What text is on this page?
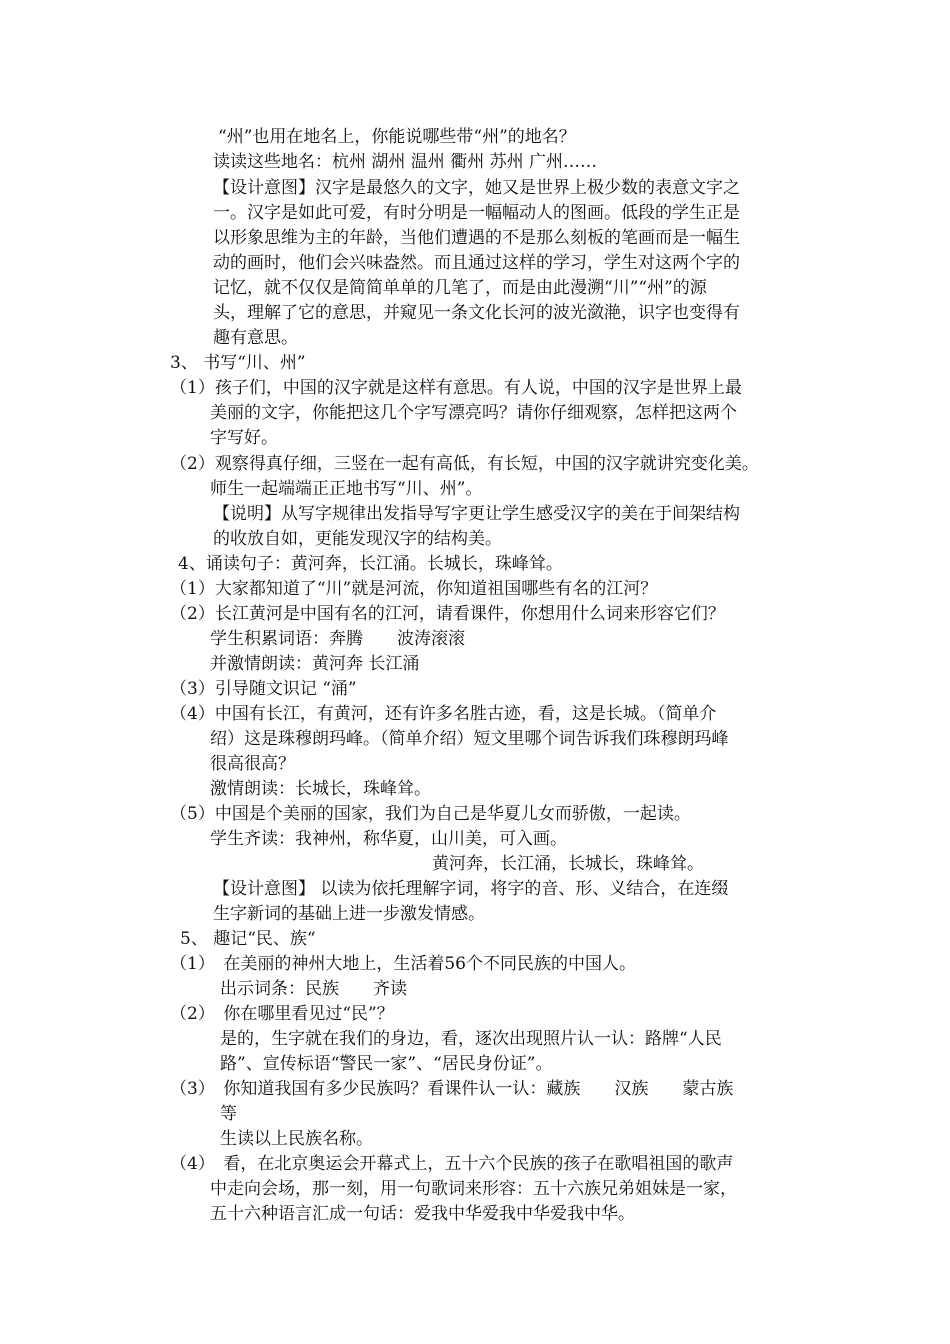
“州”也用在地名上，你能说哪些带“州”的地名？
读读这些地名：杭州 湖州 温州 衢州 苏州 广州……
【设计意图】汉字是最悠久的文字，她又是世界上极少数的表意文字之
一。汉字是如此可爱，有时分明是一幅幅动人的图画。低段的学生正是
以形象思维为主的年龄，当他们遭遇的不是那么刻板的笔画而是一幅生
动的画时，他们会兴味盎然。而且通过这样的学习，学生对这两个字的
记忆，就不仅仅是简简单单的几笔了，而是由此漫溯“川”“州”的源
头，理解了它的意思，并窥见一条文化长河的波光潋滟，识字也变得有
趣有意思。
3、 书写“川、州”
（1）孩子们，中国的汉字就是这样有意思。有人说，中国的汉字是世界上最
美丽的文字，你能把这几个字写漂亮吗？请你仔细观察，怎样把这两个
字写好。
（2）观察得真仔细，三竖在一起有高低，有长短，中国的汉字就讲究变化美。
师生一起端端正正地书写“川、州”。
【说明】从写字规律出发指导写字更让学生感受汉字的美在于间架结构
的收放自如，更能发现汉字的结构美。
4、诵读句子：黄河奔，长江涌。长城长，珠峰耸。
（1）大家都知道了“川”就是河流，你知道祖国哪些有名的江河？
（2）长江黄河是中国有名的江河，请看课件，你想用什么词来形容它们？
学生积累词语：奔腾　　波涛滚滚
并激情朗读：黄河奔 长江涌
（3）引导随文识记 “涌”
（4）中国有长江，有黄河，还有许多名胜古迹，看，这是长城。（简单介
绍）这是珠穆朗玛峰。（简单介绍）短文里哪个词告诉我们珠穆朗玛峰
很高很高？
激情朗读：长城长，珠峰耸。
（5）中国是个美丽的国家，我们为自己是华夏儿女而骄傲，一起读。
学生齐读：我神州，称华夏，山川美，可入画。
黄河奔，长江涌，长城长，珠峰耸。
【设计意图】 以读为依托理解字词，将字的音、形、义结合，在连缀
生字新词的基础上进一步激发情感。
5、 趣记“民、族“
（1）　在美丽的神州大地上，生活着56个不同民族的中国人。
出示词条：民族　　齐读
（2）　你在哪里看见过“民”？
是的，生字就在我们的身边，看，逐次出现照片认一认：路牌“人民
路”、宣传标语“警民一家”、“居民身份证”。
（3）　你知道我国有多少民族吗？看课件认一认：藏族　　汉族　　蒙古族
等
生读以上民族名称。
（4）　看，在北京奥运会开幕式上，五十六个民族的孩子在歌唱祖国的歌声
中走向会场，那一刻，用一句歌词来形容：五十六族兄弟姐妹是一家，
五十六种语言汇成一句话：爱我中华爱我中华爱我中华。
